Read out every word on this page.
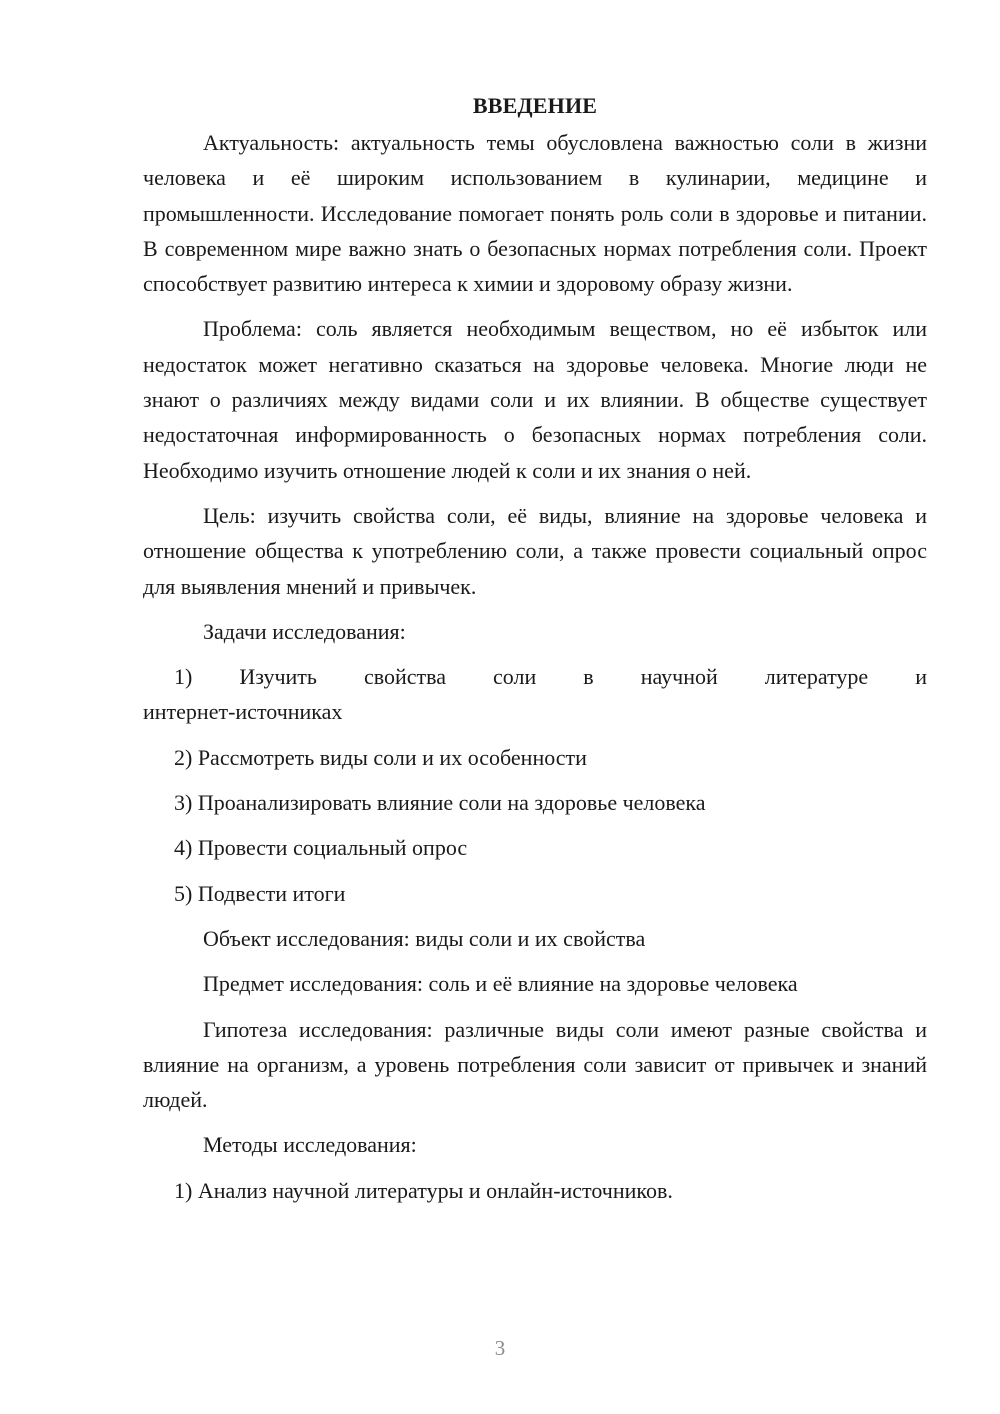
ВВЕДЕНИЕ

Актуальность: актуальность темы обусловлена важностью соли в жизни человека и её широким использованием в кулинарии, медицине и промышленности. Исследование помогает понять роль соли в здоровье и питании. В современном мире важно знать о безопасных нормах потребления соли. Проект способствует развитию интереса к химии и здоровому образу жизни.

Проблема: соль является необходимым веществом, но её избыток или недостаток может негативно сказаться на здоровье человека. Многие люди не знают о различиях между видами соли и их влиянии. В обществе существует недостаточная информированность о безопасных нормах потребления соли. Необходимо изучить отношение людей к соли и их знания о ней.

Цель: изучить свойства соли, её виды, влияние на здоровье человека и отношение общества к употреблению соли, а также провести социальный опрос для выявления мнений и привычек.

Задачи исследования:

1) Изучить свойства соли в научной литературе и
интернет-источниках
2) Рассмотреть виды соли и их особенности
3) Проанализировать влияние соли на здоровье человека
4) Провести социальный опрос
5) Подвести итоги

Объект исследования: виды соли и их свойства

Предмет исследования: соль и её влияние на здоровье человека

Гипотеза исследования: различные виды соли имеют разные свойства и влияние на организм, а уровень потребления соли зависит от привычек и знаний людей.

Методы исследования:

1) Анализ научной литературы и онлайн-источников.
3
